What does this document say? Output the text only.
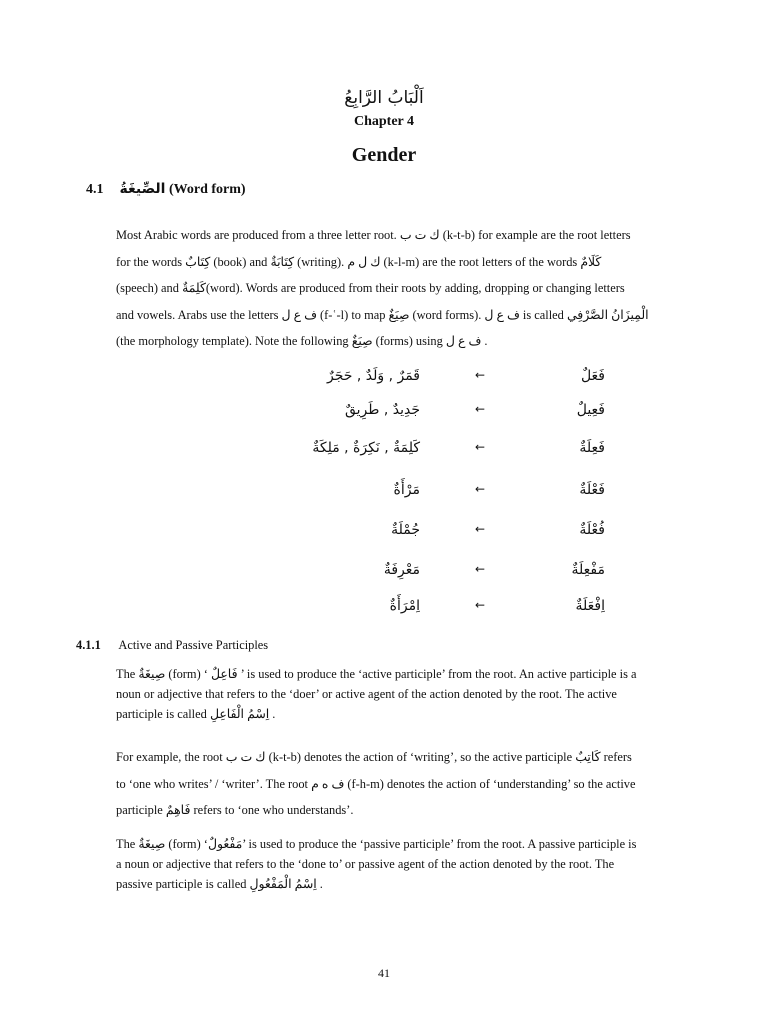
اَلْبَابُ الرَّابِعُ
Chapter 4
Gender
4.1 الصِّيغَةُ (Word form)
Most Arabic words are produced from a three letter root. ك ت ب (k-t-b) for example are the root letters
for the words كِتَابٌ (book) and كِتَابَةٌ (writing). ك ل م (k-l-m) are the root letters of the words كَلَامٌ
(speech) and كَلِمَةٌ(word). Words are produced from their roots by adding, dropping or changing letters
and vowels. Arabs use the letters ف ع ل (f-ʿ-l) to map صِيَغٌ (word forms). ف ع ل is called الْمِيزَانُ الصَّرْفِي
(the morphology template). Note the following صِيَغٌ (forms) using ف ع ل .
قَمَرٌ , وَلَدٌ , حَجَرٌ	←	فَعَلٌ
جَدِيدٌ , طَرِيقٌ	←	فَعِيلٌ
كَلِمَةٌ , نَكِرَةٌ , مَلِكَةٌ	←	فَعِلَةٌ
مَرْأَةٌ	←	فَعْلَةٌ
جُمْلَةٌ	←	فُعْلَةٌ
مَعْرِفَةٌ	←	مَفْعِلَةٌ
اِمْرَأَةٌ	←	اِفْعَلَةٌ
4.1.1 Active and Passive Participles
The صِيغَةٌ (form) ‘ فَاعِلٌ ’ is used to produce the ‘active participle’ from the root. An active participle is a
noun or adjective that refers to the ‘doer’ or active agent of the action denoted by the root. The active
participle is called اِسْمُ الْفَاعِلِ .
For example, the root ك ت ب (k-t-b) denotes the action of ‘writing’, so the active participle كَاتِبٌ refers
to ‘one who writes’ / ‘writer’. The root ف ه م (f-h-m) denotes the action of ‘understanding’ so the active
participle فَاهِمٌ refers to ‘one who understands’.
The صِيغَةٌ (form) ‘مَفْعُولٌ’ is used to produce the ‘passive participle’ from the root. A passive participle is
a noun or adjective that refers to the ‘done to’ or passive agent of the action denoted by the root. The
passive participle is called اِسْمُ الْمَفْعُولِ .
41
